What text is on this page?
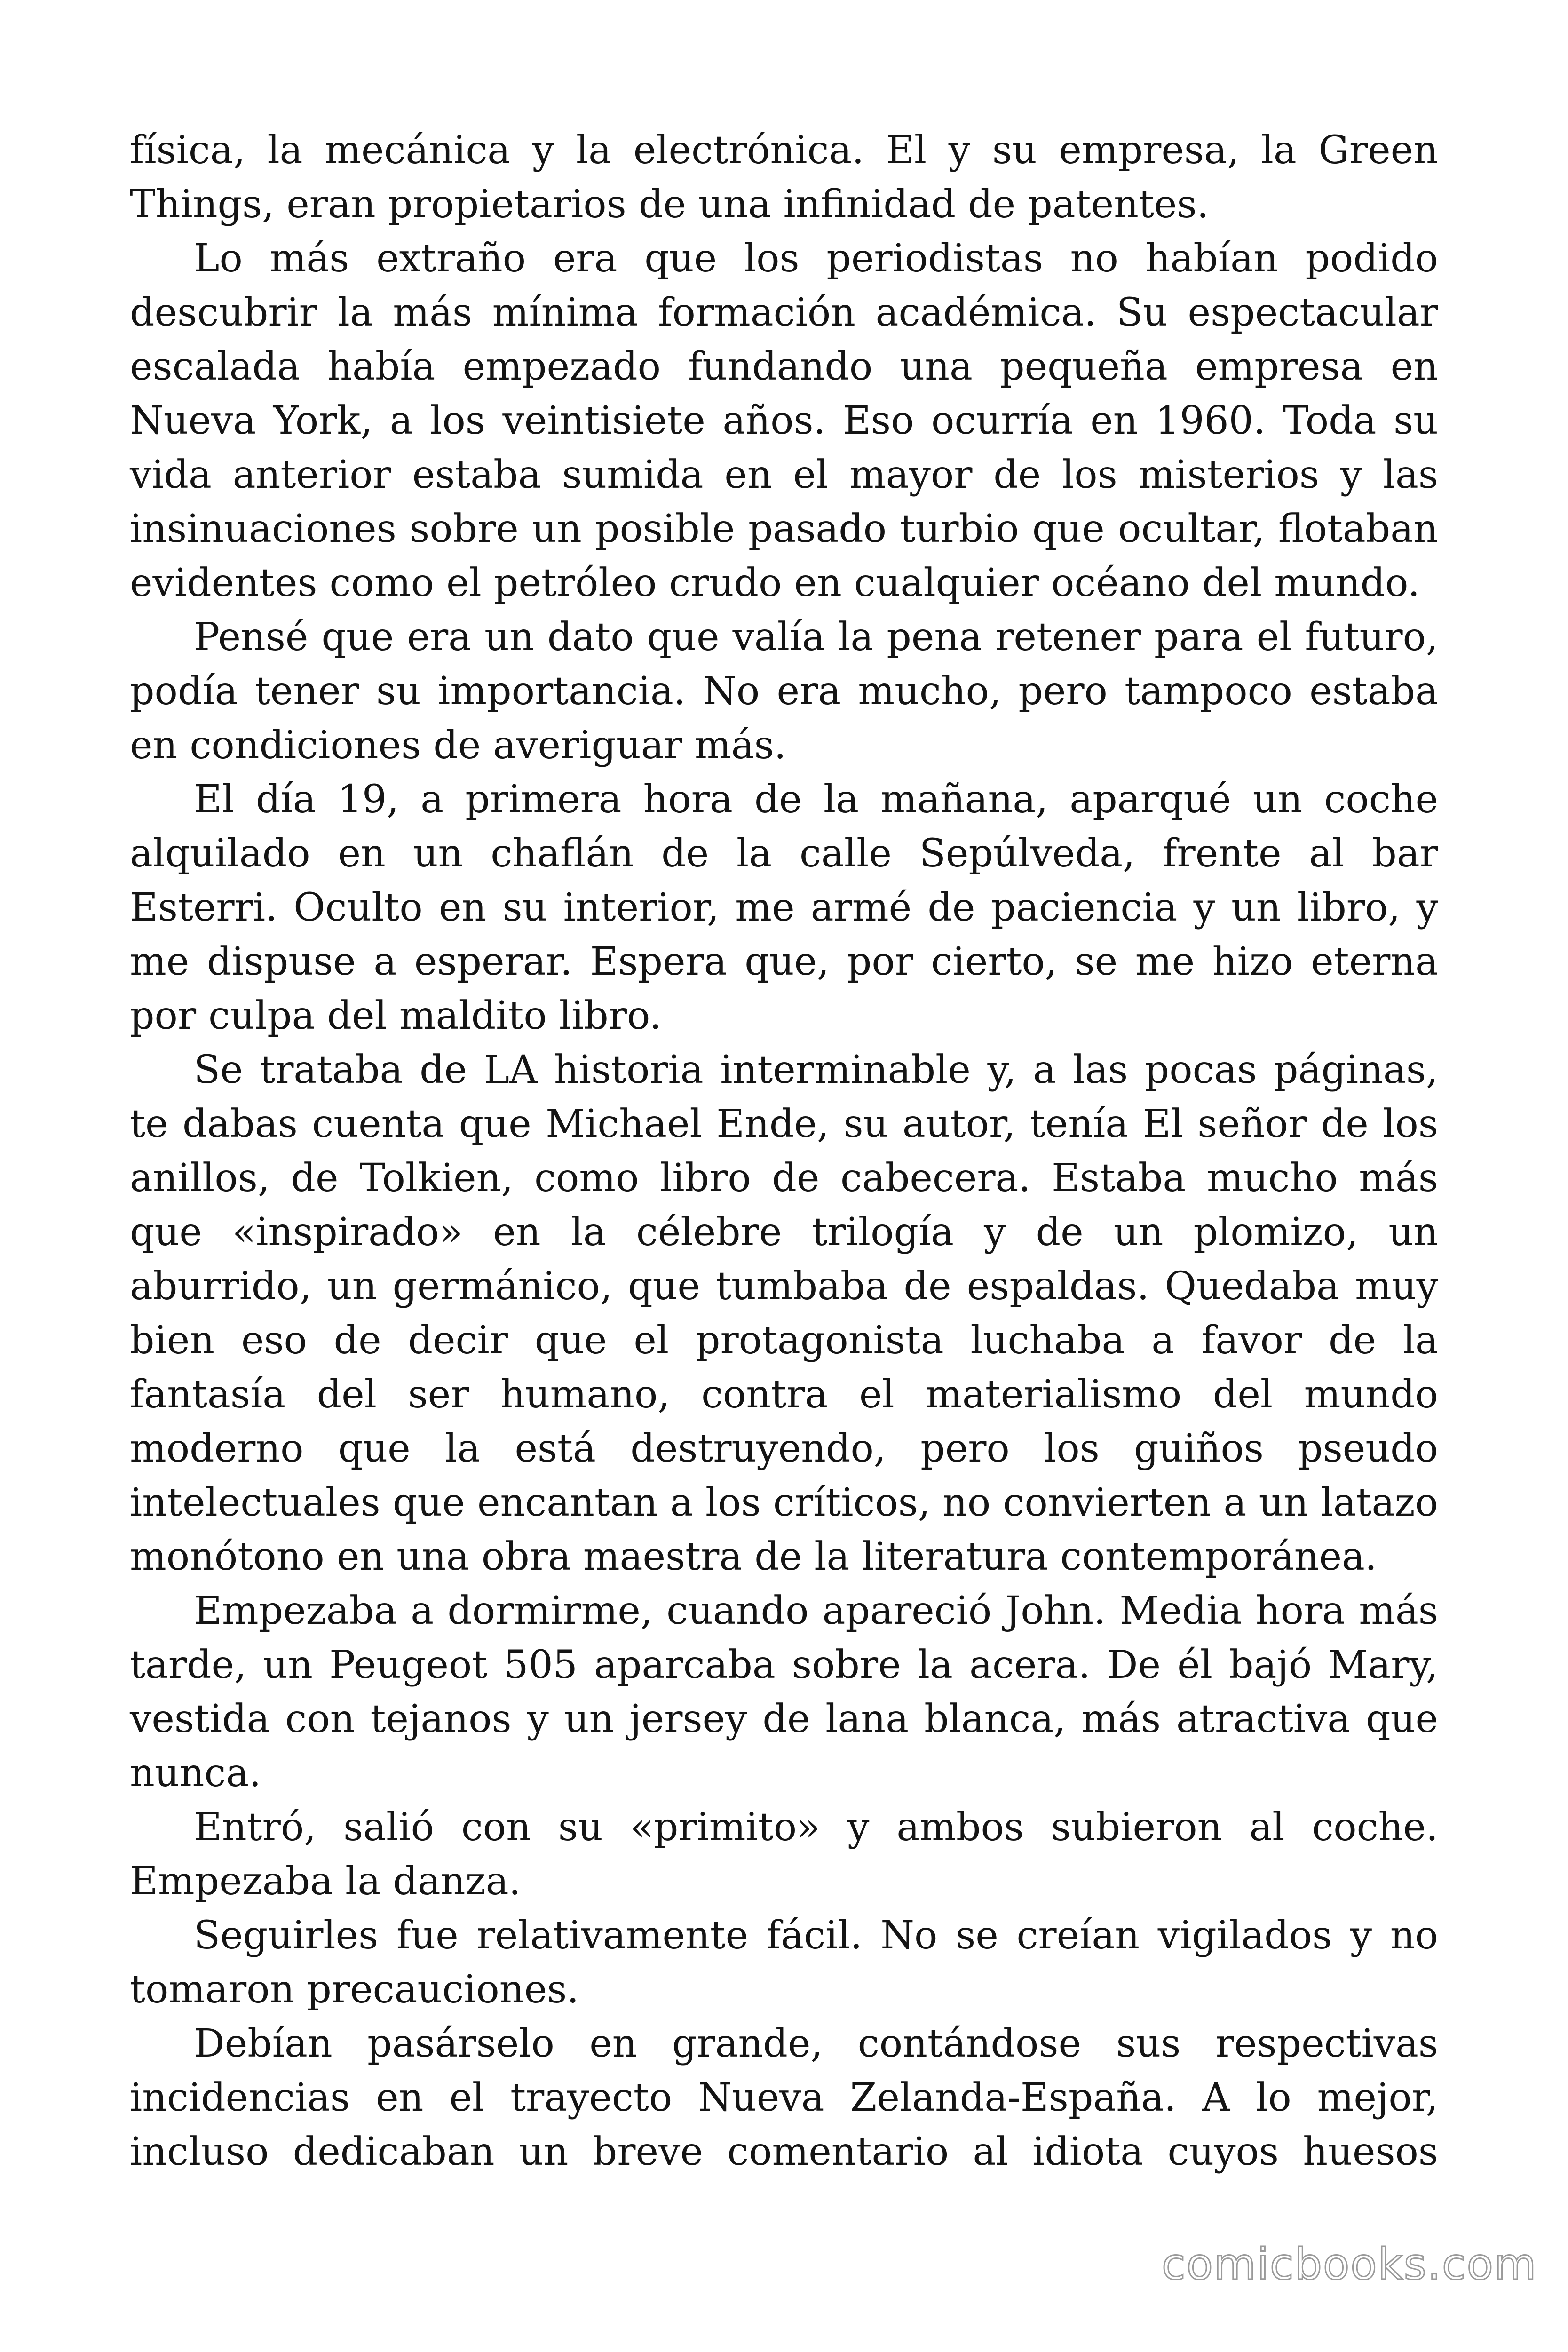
física, la mecánica y la electrónica. El y su empresa, la Green Things, eran propietarios de una infinidad de patentes.

Lo más extraño era que los periodistas no habían podido descubrir la más mínima formación académica. Su espectacular escalada había empezado fundando una pequeña empresa en Nueva York, a los veintisiete años. Eso ocurría en 1960. Toda su vida anterior estaba sumida en el mayor de los misterios y las insinuaciones sobre un posible pasado turbio que ocultar, flotaban evidentes como el petróleo crudo en cualquier océano del mundo.

Pensé que era un dato que valía la pena retener para el futuro, podía tener su importancia. No era mucho, pero tampoco estaba en condiciones de averiguar más.

El día 19, a primera hora de la mañana, aparqué un coche alquilado en un chaflán de la calle Sepúlveda, frente al bar Esterri. Oculto en su interior, me armé de paciencia y un libro, y me dispuse a esperar. Espera que, por cierto, se me hizo eterna por culpa del maldito libro.

Se trataba de LA historia interminable y, a las pocas páginas, te dabas cuenta que Michael Ende, su autor, tenía El señor de los anillos, de Tolkien, como libro de cabecera. Estaba mucho más que «inspirado» en la célebre trilogía y de un plomizo, un aburrido, un germánico, que tumbaba de espaldas. Quedaba muy bien eso de decir que el protagonista luchaba a favor de la fantasía del ser humano, contra el materialismo del mundo moderno que la está destruyendo, pero los guiños pseudo intelectuales que encantan a los críticos, no convierten a un latazo monótono en una obra maestra de la literatura contemporánea.

Empezaba a dormirme, cuando apareció John. Media hora más tarde, un Peugeot 505 aparcaba sobre la acera. De él bajó Mary, vestida con tejanos y un jersey de lana blanca, más atractiva que nunca.

Entró, salió con su «primito» y ambos subieron al coche. Empezaba la danza.

Seguirles fue relativamente fácil. No se creían vigilados y no tomaron precauciones.

Debían pasárselo en grande, contándose sus respectivas incidencias en el trayecto Nueva Zelanda-España. A lo mejor, incluso dedicaban un breve comentario al idiota cuyos huesos

comicbooks.com
